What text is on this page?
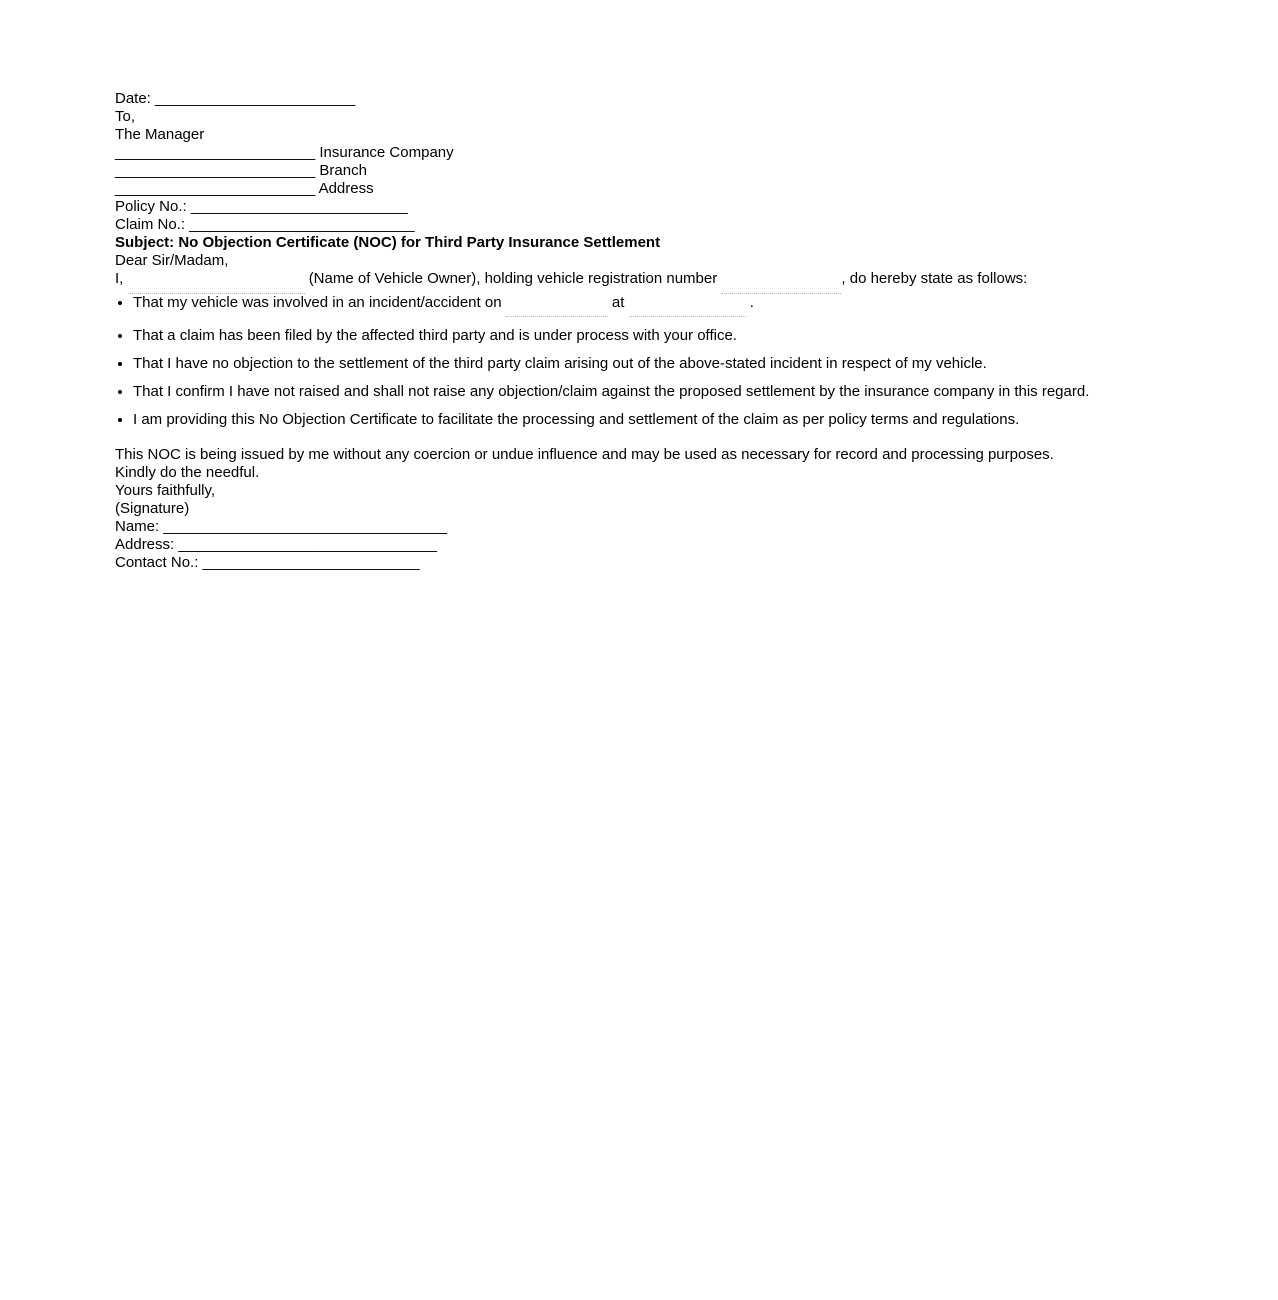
Date: ________________________

To,
The Manager
________________________ Insurance Company
________________________ Branch
________________________ Address

Policy No.: __________________________
Claim No.: ___________________________

Subject: No Objection Certificate (NOC) for Third Party Insurance Settlement

Dear Sir/Madam,

I,	(Name of Vehicle Owner), holding vehicle registration number	, do hereby state as follows:

• That my vehicle was involved in an incident/accident on	at	.
• That a claim has been filed by the affected third party and is under process with your office.
• That I have no objection to the settlement of the third party claim arising out of the above-stated incident in respect of my vehicle.
• That I confirm I have not raised and shall not raise any objection/claim against the proposed settlement by the insurance company in this regard.
• I am providing this No Objection Certificate to facilitate the processing and settlement of the claim as per policy terms and regulations.

This NOC is being issued by me without any coercion or undue influence and may be used as necessary for record and processing purposes.

Kindly do the needful.

Yours faithfully,

(Signature)
Name: __________________________________
Address: _______________________________
Contact No.: __________________________
